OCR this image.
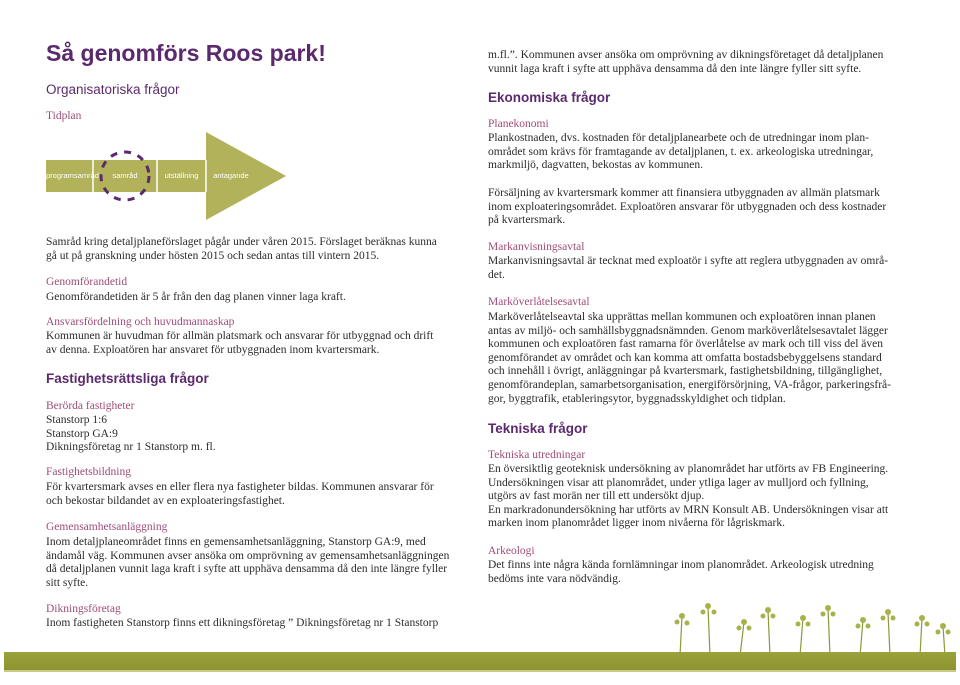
Så genomförs Roos park!
Organisatoriska frågor
Tidplan
programsamråd	samråd	utställning	antagande

Samråd kring detaljplaneförslaget pågår under våren 2015. Förslaget beräknas kunna
gå ut på granskning under hösten 2015 och sedan antas till vintern 2015.

Genomförandetid

Genomförandetiden är 5 år från den dag planen vinner laga kraft.

Ansvarsfördelning och huvudmannaskap

Kommunen är huvudman för allmän platsmark och ansvarar för utbyggnad och drift
av denna. Exploatören har ansvaret för utbyggnaden inom kvartersmark.

Fastighetsrättsliga frågor
Berörda fastigheter

Stanstorp 1:6
Stanstorp GA:9
Dikningsföretag nr 1 Stanstorp m. fl.

Fastighetsbildning

För kvartersmark avses en eller flera nya fastigheter bildas. Kommunen ansvarar för
och bekostar bildandet av en exploateringsfastighet.

Gemensamhetsanläggning

Inom detaljplaneområdet finns en gemensamhetsanläggning, Stanstorp GA:9, med
ändamål väg. Kommunen avser ansöka om omprövning av gemensamhetsanläggningen
då detaljplanen vunnit laga kraft i syfte att upphäva densamma då den inte längre fyller
sitt syfte.

Dikningsföretag

Inom fastigheten Stanstorp finns ett dikningsföretag ” Dikningsföretag nr 1 Stanstorp

m.fl.”. Kommunen avser ansöka om omprövning av dikningsföretaget då detaljplanen
vunnit laga kraft i syfte att upphäva densamma då den inte längre fyller sitt syfte.

Ekonomiska frågor
Planekonomi

Plankostnaden, dvs. kostnaden för detaljplanearbete och de utredningar inom plan-
området som krävs för framtagande av detaljplanen, t. ex. arkeologiska utredningar,
markmiljö, dagvatten, bekostas av kommunen.

Försäljning av kvartersmark kommer att finansiera utbyggnaden av allmän platsmark
inom exploateringsområdet. Exploatören ansvarar för utbyggnaden och dess kostnader
på kvartersmark.

Markanvisningsavtal

Markanvisningsavtal är tecknat med exploatör i syfte att reglera utbyggnaden av områ-
det.

Marköverlåtelsesavtal

Marköverlåtelseavtal ska upprättas mellan kommunen och exploatören innan planen
antas av miljö- och samhällsbyggnadsnämnden. Genom marköverlåtelsesavtalet lägger
kommunen och exploatören fast ramarna för överlåtelse av mark och till viss del även
genomförandet av området och kan komma att omfatta bostadsbebyggelsens standard
och innehåll i övrigt, anläggningar på kvartersmark, fastighetsbildning, tillgänglighet,
genomförandeplan, samarbetsorganisation, energiförsörjning, VA-frågor, parkeringsfrå-
gor, byggtrafik, etableringsytor, byggnadsskyldighet och tidplan.

Tekniska frågor
Tekniska utredningar

En översiktlig geoteknisk undersökning av planområdet har utförts av FB Engineering.
Undersökningen visar att planområdet, under ytliga lager av mulljord och fyllning,
utgörs av fast morän ner till ett undersökt djup.
En markradonundersökning har utförts av MRN Konsult AB. Undersökningen visar att
marken inom planområdet ligger inom nivåerna för lågriskmark.

Arkeologi

Det finns inte några kända fornlämningar inom planområdet. Arkeologisk utredning
bedöms inte vara nödvändig.
